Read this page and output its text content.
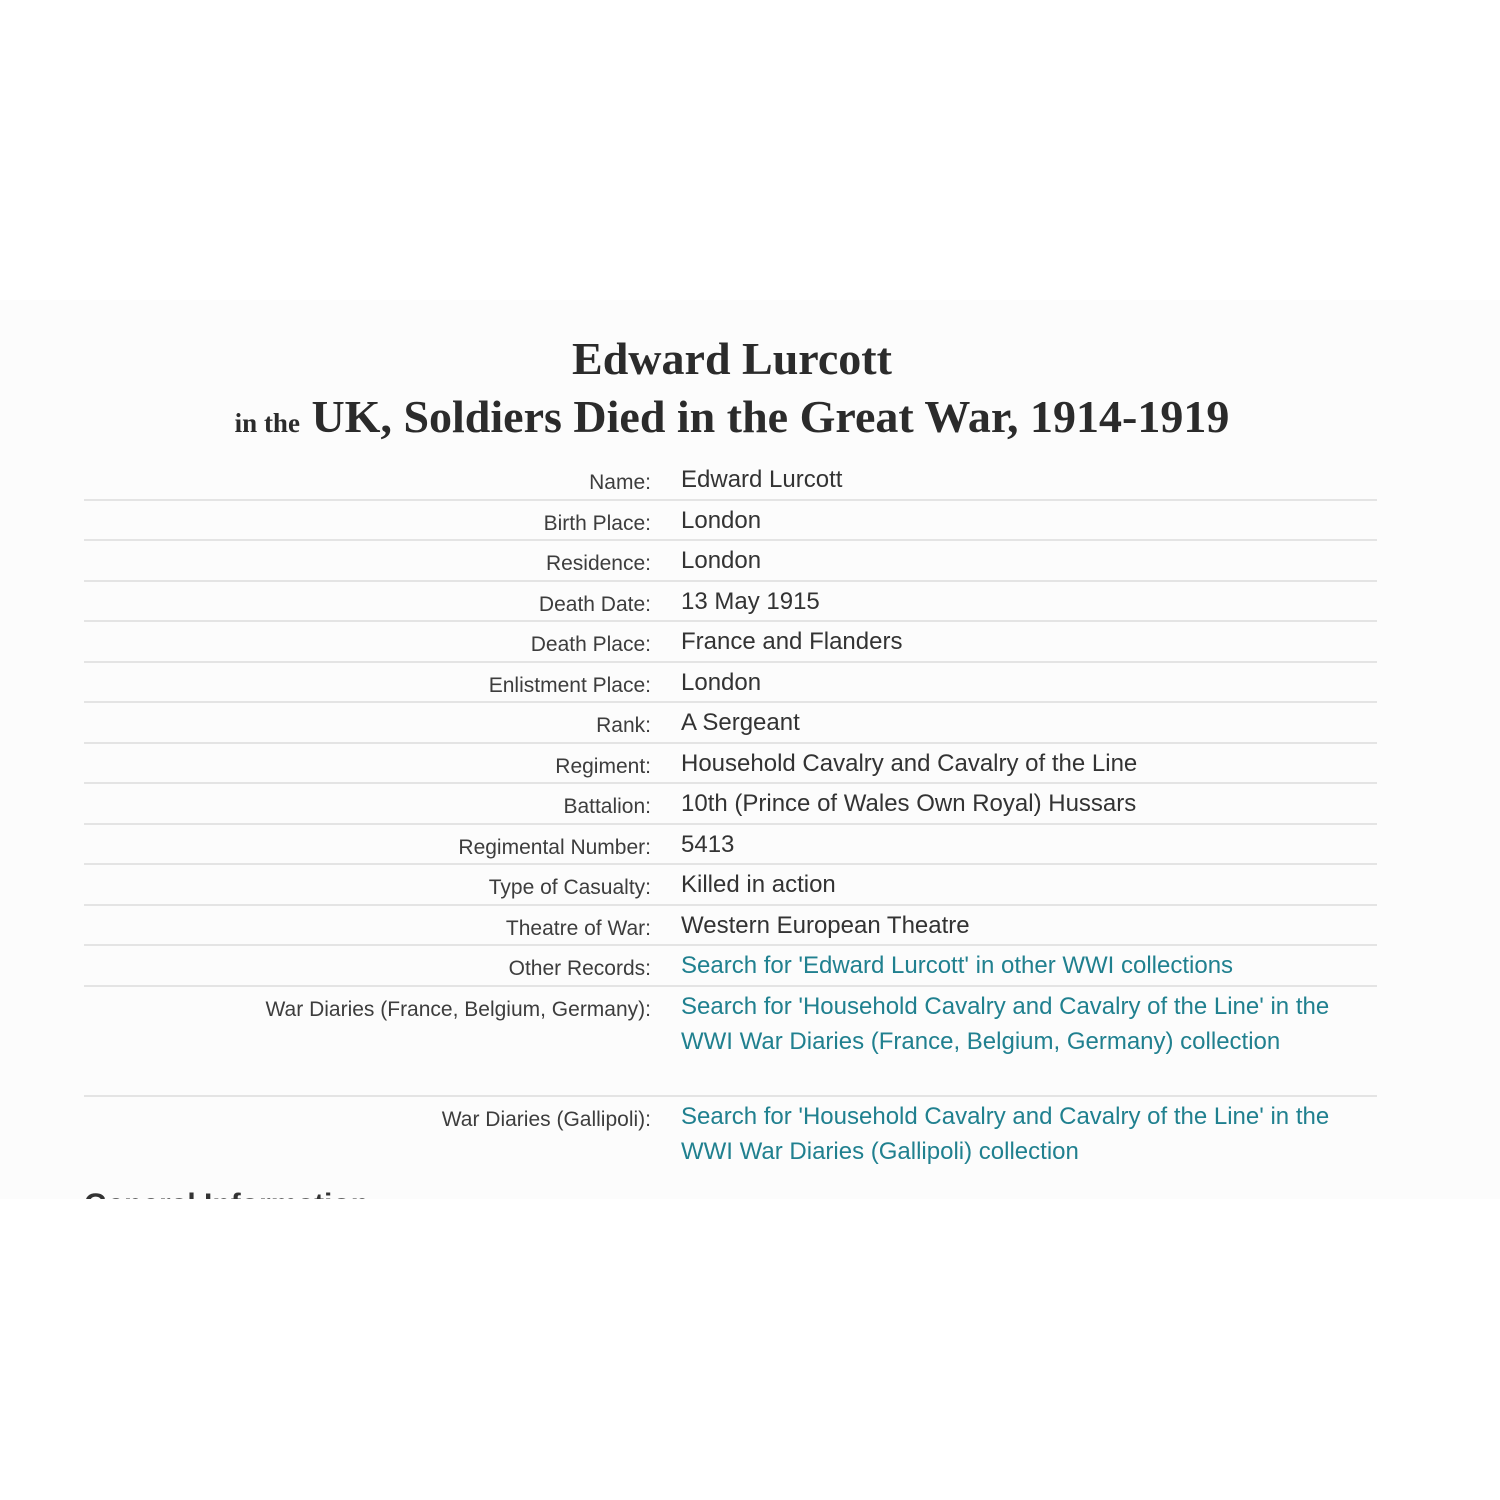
Edward Lurcott
in the UK, Soldiers Died in the Great War, 1914-1919
Name: Edward Lurcott
Birth Place: London
Residence: London
Death Date: 13 May 1915
Death Place: France and Flanders
Enlistment Place: London
Rank: A Sergeant
Regiment: Household Cavalry and Cavalry of the Line
Battalion: 10th (Prince of Wales Own Royal) Hussars
Regimental Number: 5413
Type of Casualty: Killed in action
Theatre of War: Western European Theatre
Other Records: Search for 'Edward Lurcott' in other WWI collections
War Diaries (France, Belgium, Germany): Search for 'Household Cavalry and Cavalry of the Line' in the WWI War Diaries (France, Belgium, Germany) collection
War Diaries (Gallipoli): Search for 'Household Cavalry and Cavalry of the Line' in the WWI War Diaries (Gallipoli) collection
